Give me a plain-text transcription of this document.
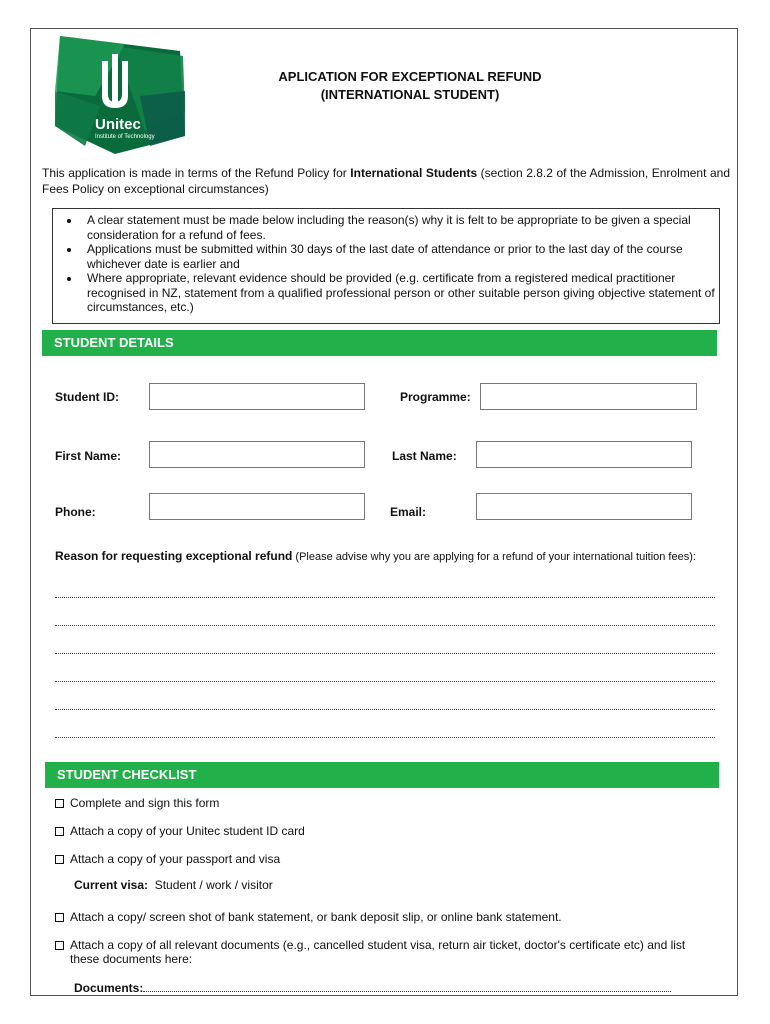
Unitec
Institute of Technology
APLICATION FOR EXCEPTIONAL REFUND
(INTERNATIONAL STUDENT)
This application is made in terms of the Refund Policy for International Students (section 2.8.2 of the Admission, Enrolment and Fees Policy on exceptional circumstances)
• A clear statement must be made below including the reason(s) why it is felt to be appropriate to be given a special consideration for a refund of fees.
• Applications must be submitted within 30 days of the last date of attendance or prior to the last day of the course whichever date is earlier and
• Where appropriate, relevant evidence should be provided (e.g. certificate from a registered medical practitioner recognised in NZ, statement from a qualified professional person or other suitable person giving objective statement of circumstances, etc.)
STUDENT DETAILS
Student ID:	Programme:
First Name:	Last Name:
Phone:	Email:
Reason for requesting exceptional refund (Please advise why you are applying for a refund of your international tuition fees):
STUDENT CHECKLIST
Complete and sign this form
Attach a copy of your Unitec student ID card
Attach a copy of your passport and visa
Current visa: Student / work / visitor
Attach a copy/ screen shot of bank statement, or bank deposit slip, or online bank statement.
Attach a copy of all relevant documents (e.g., cancelled student visa, return air ticket, doctor's certificate etc) and list these documents here:
Documents:
